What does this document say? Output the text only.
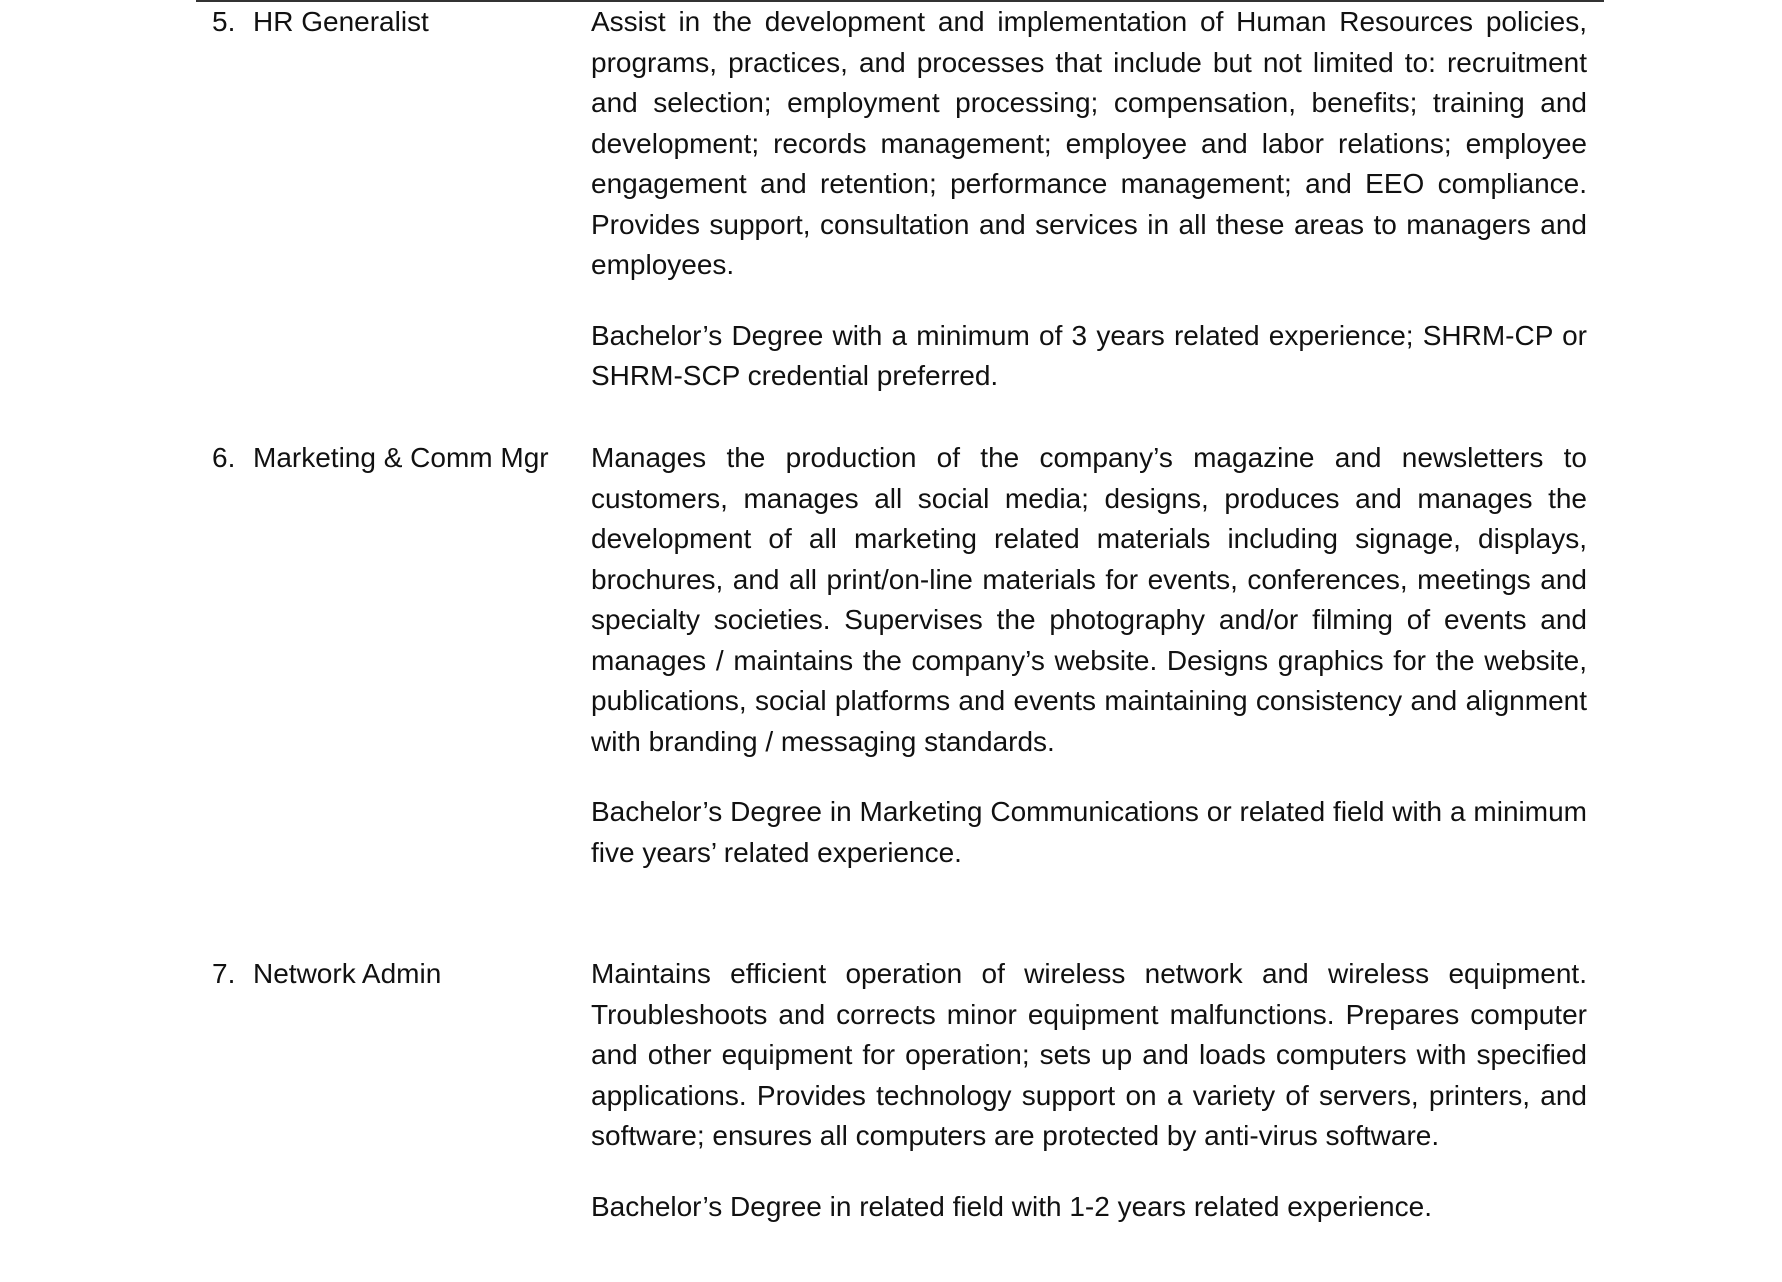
5. HR Generalist	Assist in the development and implementation of Human Resources policies, programs, practices, and processes that include but not limited to: recruitment and selection; employment processing; compensation, benefits; training and development; records management; employee and labor relations; employee engagement and retention; performance management; and EEO compliance. Provides support, consultation and services in all these areas to managers and employees.

Bachelor’s Degree with a minimum of 3 years related experience; SHRM-CP or SHRM-SCP credential preferred.

6. Marketing & Comm Mgr Manages the production of the company’s magazine and newsletters to customers, manages all social media; designs, produces and manages the development of all marketing related materials including signage, displays, brochures, and all print/on-line materials for events, conferences, meetings and specialty societies. Supervises the photography and/or filming of events and manages / maintains the company’s website. Designs graphics for the website, publications, social platforms and events maintaining consistency and alignment with branding / messaging standards.

Bachelor’s Degree in Marketing Communications or related field with a minimum five years’ related experience.

7. Network Admin	Maintains efficient operation of wireless network and wireless equipment. Troubleshoots and corrects minor equipment malfunctions. Prepares computer and other equipment for operation; sets up and loads computers with specified applications. Provides technology support on a variety of servers, printers, and software; ensures all computers are protected by anti-virus software.

Bachelor’s Degree in related field with 1-2 years related experience.
